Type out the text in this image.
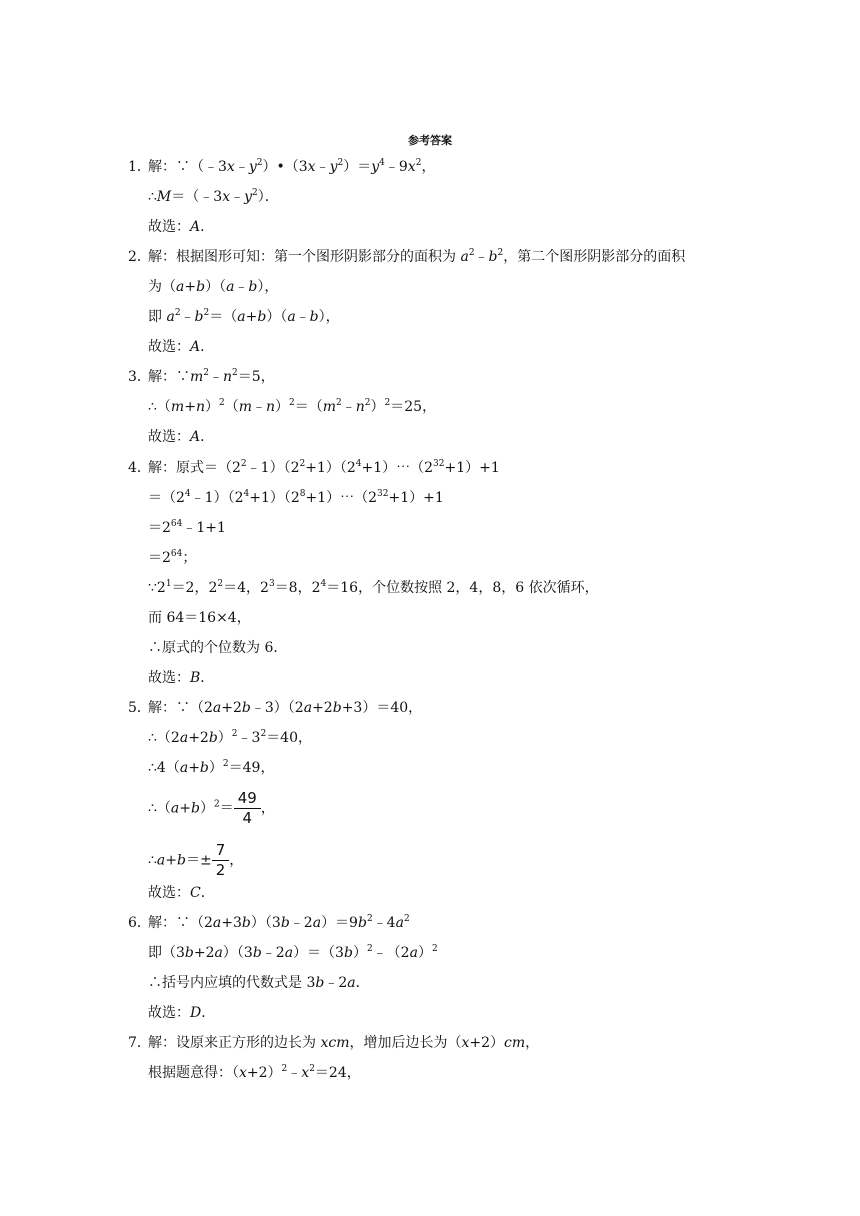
参考答案
1．
解：$\because(﹣3x﹣y^2)•(3x﹣y^2)=y^4﹣9x^2$，
$\therefore M=(﹣3x﹣y^2)$．
故选：A．
2．
解：根据图形可知：第一个图形阴影部分的面积为 $a^2﹣b^2$，第二个图形阴影部分的面积
为（a+b）（a﹣b），
即 $a^2﹣b^2=(a+b)(a﹣b)$，
故选：A．
3．
解：$\because m^2﹣n^2=5$，
$\therefore(m+n)^2(m﹣n)^2=(m^2﹣n^2)^2=25$，
故选：A．
4．
解：原式$=(2^2﹣1)(2^2+1)(2^4+1)\cdots(2^{32}+1)+1$
$=(2^4﹣1)(2^4+1)(2^8+1)\cdots(2^{32}+1)+1$
$=2^{64}﹣1+1$
$=2^{64}$；
$\because 2^1=2$，$2^2=4$，$2^3=8$，$2^4=16$，个位数按照 2，4，8，6 依次循环，
而 64＝16×4，
∴原式的个位数为 6．
故选：B．
5．
解：∵（2a+2b﹣3）（2a+2b+3）＝40，
$\therefore(2a+2b)^2﹣3^2=40$，
$\therefore 4(a+b)^2=49$，
$\therefore(a+b)^2= \frac{49}{4}$ ，
∴a+b＝± $\frac{7}{2}$ ，
故选：C．
6．
解：$\because(2a+3b)(3b﹣2a)=9b^2﹣4a^2$
即$(3b+2a)(3b﹣2a)=(3b)^2﹣(2a)^2$
∴括号内应填的代数式是 3b﹣2a．
故选：D．
7．
解：设原来正方形的边长为 xcm，增加后边长为（x+2）cm，
根据题意得：$(x+2)^2﹣x^2=24$，
